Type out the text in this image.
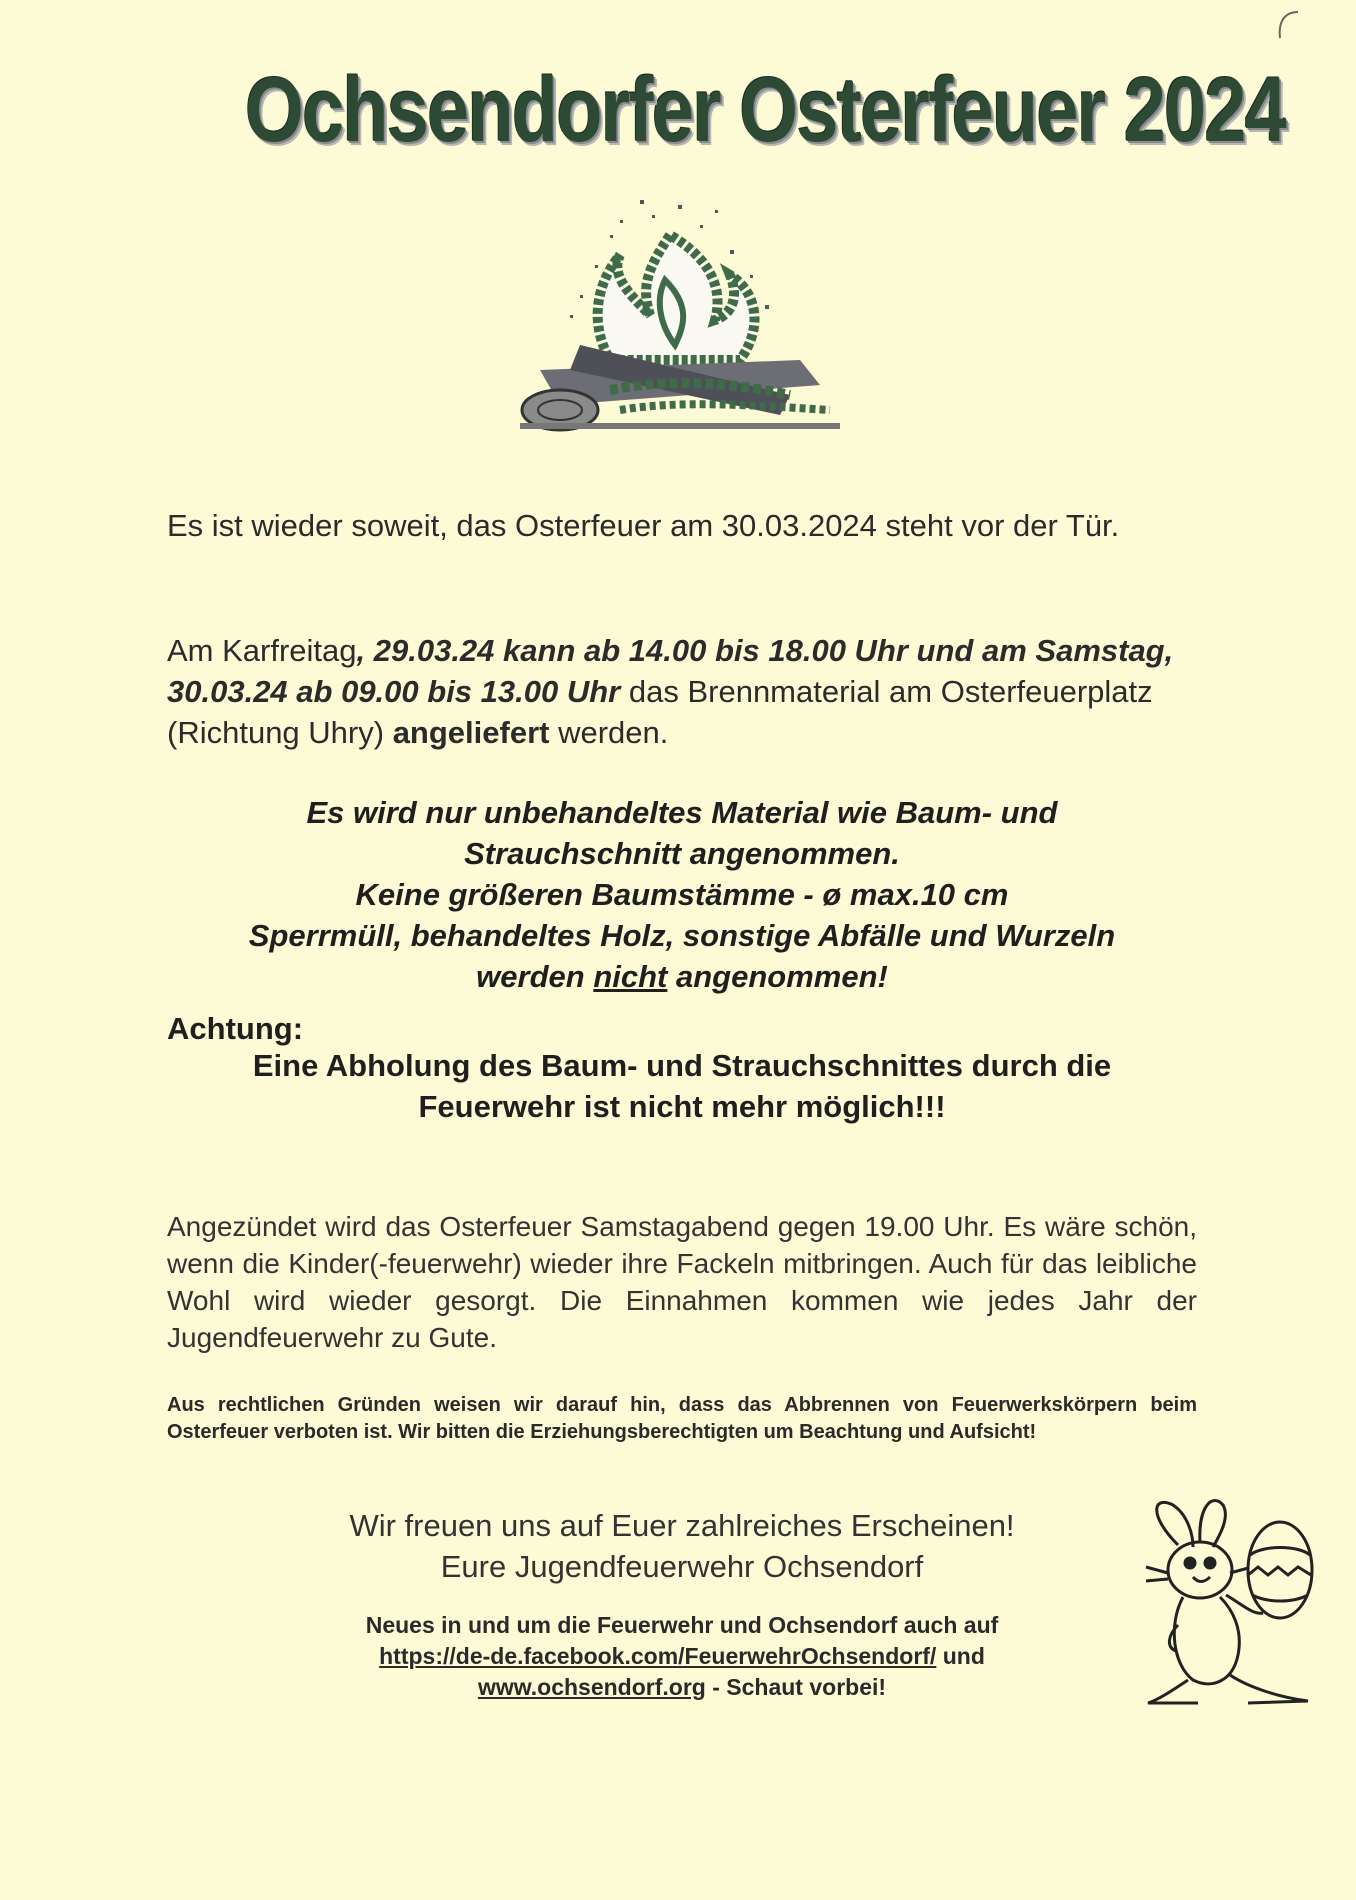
Ochsendorfer Osterfeuer 2024
Es ist wieder soweit, das Osterfeuer am 30.03.2024 steht vor der Tür.
Am Karfreitag, 29.03.24 kann ab 14.00 bis 18.00 Uhr und am Samstag, 30.03.24 ab 09.00 bis 13.00 Uhr das Brennmaterial am Osterfeuerplatz (Richtung Uhry) angeliefert werden.
Es wird nur unbehandeltes Material wie Baum- und
Strauchschnitt angenommen.
Keine größeren Baumstämme - ø max.10 cm
Sperrmüll, behandeltes Holz, sonstige Abfälle und Wurzeln
werden nicht angenommen!
Achtung:
Eine Abholung des Baum- und Strauchschnittes durch die
Feuerwehr ist nicht mehr möglich!!!
Angezündet wird das Osterfeuer Samstagabend gegen 19.00 Uhr. Es wäre schön, wenn die Kinder(-feuerwehr) wieder ihre Fackeln mitbringen. Auch für das leibliche Wohl wird wieder gesorgt. Die Einnahmen kommen wie jedes Jahr der Jugendfeuerwehr zu Gute.
Aus rechtlichen Gründen weisen wir darauf hin, dass das Abbrennen von Feuerwerkskörpern beim Osterfeuer verboten ist. Wir bitten die Erziehungsberechtigten um Beachtung und Aufsicht!
Wir freuen uns auf Euer zahlreiches Erscheinen!
Eure Jugendfeuerwehr Ochsendorf
Neues in und um die Feuerwehr und Ochsendorf auch auf
https://de-de.facebook.com/FeuerwehrOchsendorf/ und
www.ochsendorf.org - Schaut vorbei!
